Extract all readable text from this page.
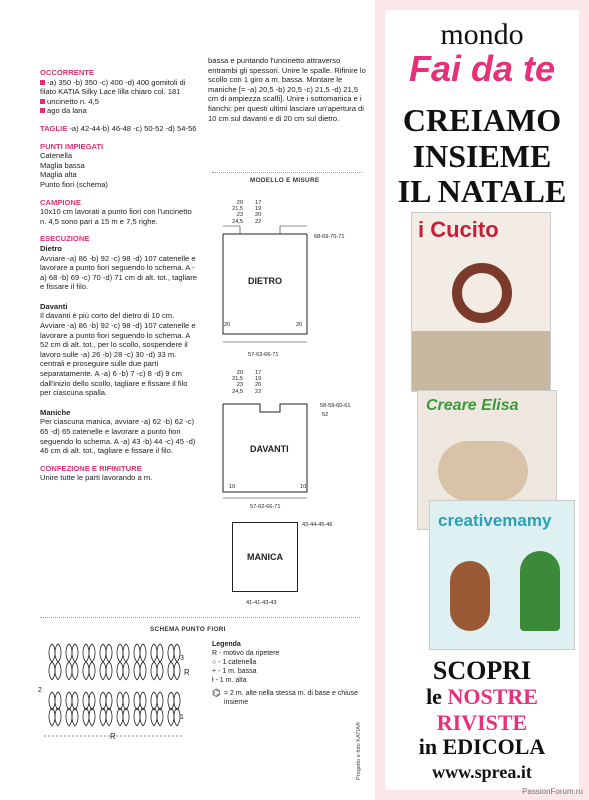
OCCORRENTE

-a) 350 -b) 350 -c) 400 -d) 400 gomitoli di filato KATIA Silky Lace lilla chiaro col. 181

uncinetto n. 4,5

ago da lana

TAGLIE -a) 42-44-b) 46-48 -c) 50-52 -d) 54-56

PUNTI IMPIEGATI

Catenella

Maglia bassa

Maglia alta

Punto fiori (schema)

CAMPIONE

10x10 cm lavorati a punto fiori con l'uncinetto n. 4,5 sono pari a 15 m e 7,5 righe.

ESECUZIONE
Dietro

Avviare -a) 86 -b) 92 -c) 98 -d) 107 catenelle e lavorare a punto fiori seguendo lo schema. A -a) 68 -b) 69 -c) 70 -d) 71 cm di alt. tot., tagliare e fissare il filo.

Davanti

Il davanti è più corto del dietro di 10 cm. Avviare -a) 86 -b) 92 -c) 98 -d) 107 catenelle e lavorare a punto fiori seguendo lo schema. A 52 cm di alt. tot., per lo scollo, sospendere il lavoro sulle -a) 26 -b) 28 -c) 30 -d) 33 m. centrali e proseguire sulle due parti separatamente. A -a) 6 -b) 7 -c) 8 -d) 9 cm dall'inizio dello scollo, tagliare e fissare il filo per ciascuna spalla.

Maniche

Per ciascuna manica, avviare -a) 62 -b) 62 -c) 65 -d) 65 catenelle e lavorare a punto fiori seguendo lo schema. A -a) 43 -b) 44 -c) 45 -d) 46 cm di alt. tot., tagliare e fissare il filo.

CONFEZIONE E RIFINITURE

Unire tutte le parti lavorando a m.

bassa e puntando l'uncinetto attraverso entrambi gli spessori. Unire le spalle. Rifinire lo scollo con 1 giro a m. bassa. Montare le maniche [= -a) 20,5 -b) 20,5 -c) 21,5 -d) 21,5 cm di ampiezza scalfi]. Unire i sottomanica e i fianchi: per questi ultimi lasciare un'apertura di 10 cm sul davanti e di 20 cm sul dietro.

MODELLO E MISURE
20
21,5
23
24,5
17
19
20
22
DIETRO
20	20
68-69-70-71
57-63-66-71
20
21,5
23
24,5
17
19
20
22
DAVANTI
10	10
58-59-60-61
52
57-62-66-71
MANICA
43-44-45-46
41-41-43-43
SCHEMA PUNTO FIORI
3
2
1
R
R
Legenda
R - motivo da ripetere
○ - 1 catenella
+ - 1 m. bassa
ƚ - 1 m. alta
⌬ = 2 m. alte nella stessa m. di base e chiuse insieme
Progetto e foto KATIA®
mondo
Fai da te
CREIAMO
INSIEME
IL NATALE
i Cucito
Creare Elisa
creativemamy
SCOPRI
le NOSTRE
RIVISTE
in EDICOLA
www.sprea.it
PassionForum.ru
